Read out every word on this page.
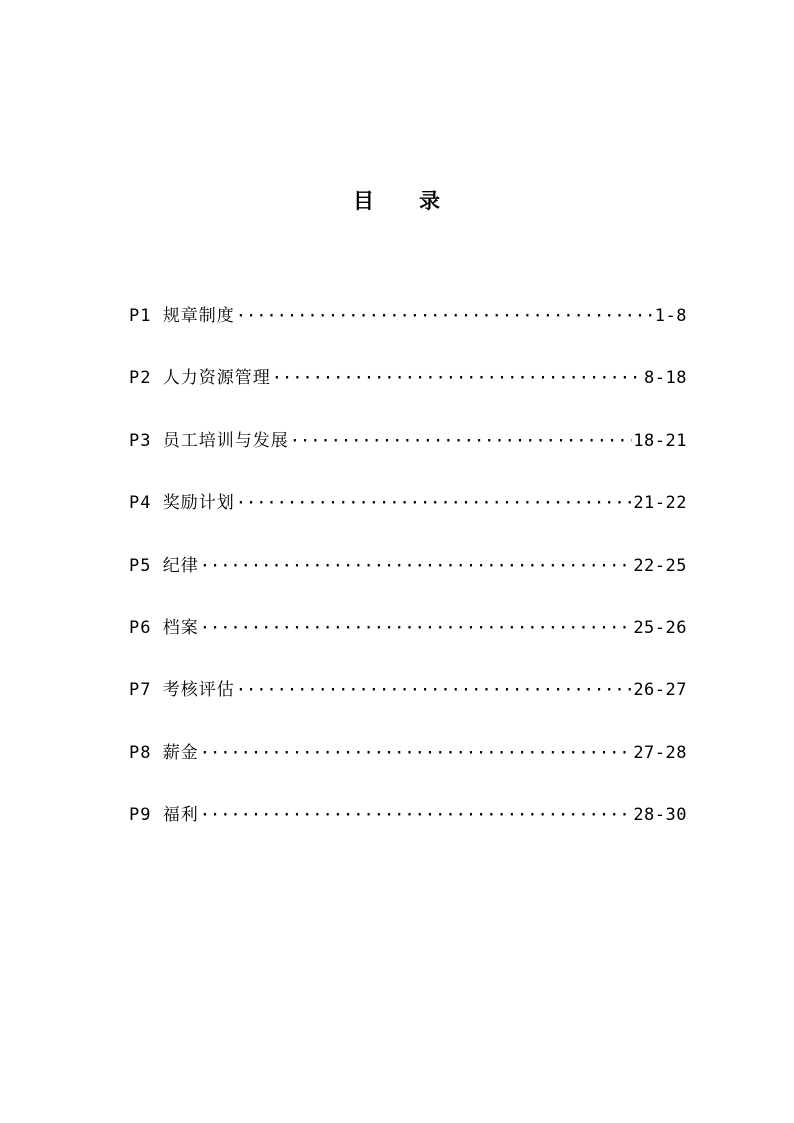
目 录
P1 规章制度 ·····	1-8
P2 人力资源管理 ·····	8-18
P3 员工培训与发展 ·····	18-21
P4 奖励计划 ·····	21-22
P5 纪律 ·····	22-25
P6 档案 ·····	25-26
P7 考核评估 ·····	26-27
P8 薪金 ·····	27-28
P9 福利 ·····	28-30
